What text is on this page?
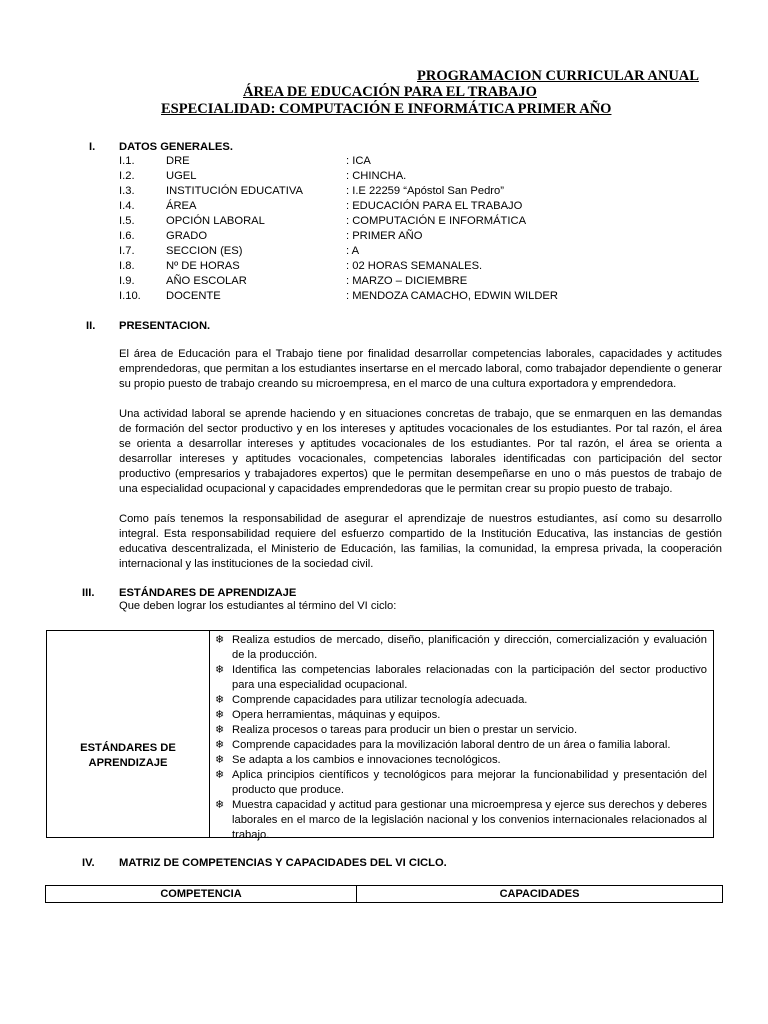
PROGRAMACION CURRICULAR ANUAL
ÁREA DE EDUCACIÓN PARA EL TRABAJO
ESPECIALIDAD: COMPUTACIÓN E INFORMÁTICA PRIMER AÑO
I. DATOS GENERALES.
I.1.	DRE	: ICA
I.2.	UGEL	: CHINCHA.
I.3.	INSTITUCIÓN EDUCATIVA	: I.E 22259 “Apóstol San Pedro”
I.4.	ÁREA	: EDUCACIÓN PARA EL TRABAJO
I.5.	OPCIÓN LABORAL	: COMPUTACIÓN E INFORMÁTICA
I.6.	GRADO	: PRIMER AÑO
I.7.	SECCION (ES)	: A
I.8.	Nº DE HORAS	: 02 HORAS SEMANALES.
I.9.	AÑO ESCOLAR	: MARZO – DICIEMBRE
I.10. DOCENTE	: MENDOZA CAMACHO, EDWIN WILDER
II. PRESENTACION.
El área de Educación para el Trabajo tiene por finalidad desarrollar competencias laborales, capacidades y actitudes emprendedoras, que permitan a los estudiantes insertarse en el mercado laboral, como trabajador dependiente o generar su propio puesto de trabajo creando su microempresa, en el marco de una cultura exportadora y emprendedora.
Una actividad laboral se aprende haciendo y en situaciones concretas de trabajo, que se enmarquen en las demandas de formación del sector productivo y en los intereses y aptitudes vocacionales de los estudiantes. Por tal razón, el área se orienta a desarrollar intereses y aptitudes vocacionales de los estudiantes. Por tal razón, el área se orienta a desarrollar intereses y aptitudes vocacionales, competencias laborales identificadas con participación del sector productivo (empresarios y trabajadores expertos) que le permitan desempeñarse en uno o más puestos de trabajo de una especialidad ocupacional y capacidades emprendedoras que le permitan crear su propio puesto de trabajo.
Como país tenemos la responsabilidad de asegurar el aprendizaje de nuestros estudiantes, así como su desarrollo integral. Esta responsabilidad requiere del esfuerzo compartido de la Institución Educativa, las instancias de gestión educativa descentralizada, el Ministerio de Educación, las familias, la comunidad, la empresa privada, la cooperación internacional y las instituciones de la sociedad civil.
III. ESTÁNDARES DE APRENDIZAJE
Que deben lograr los estudiantes al término del VI ciclo:
ESTÁNDARES DE
APRENDIZAJE
❄ Realiza estudios de mercado, diseño, planificación y dirección, comercialización y evaluación de la producción.
❄ Identifica las competencias laborales relacionadas con la participación del sector productivo para una especialidad ocupacional.
❄ Comprende capacidades para utilizar tecnología adecuada.
❄ Opera herramientas, máquinas y equipos.
❄ Realiza procesos o tareas para producir un bien o prestar un servicio.
❄ Comprende capacidades para la movilización laboral dentro de un área o familia laboral.
❄ Se adapta a los cambios e innovaciones tecnológicos.
❄ Aplica principios científicos y tecnológicos para mejorar la funcionabilidad y presentación del producto que produce.
❄ Muestra capacidad y actitud para gestionar una microempresa y ejerce sus derechos y deberes laborales en el marco de la legislación nacional y los convenios internacionales relacionados al trabajo.
IV. MATRIZ DE COMPETENCIAS Y CAPACIDADES DEL VI CICLO.
COMPETENCIA	CAPACIDADES
